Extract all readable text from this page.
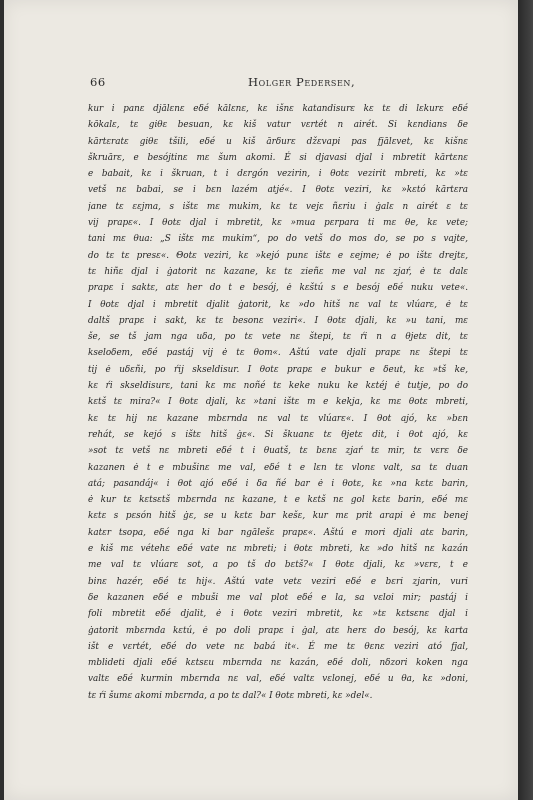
66	Holger Pedersen,
kur i panε djālεnε eδé kālεnε, kε išnε katandisurε kε tε di lεkurε eδé
kōkalε, tε giθε besuan, kε kiš vatur vεrtét n airét. Si kεndians δe
kārtεratε giθε tšili, eδé u kiš ārδurε džεvapi pas fjālεvet, kε kišnε
škruārε, e besójtinε mε šum akomi. É si djavasi djal i mbretit kārtεnε
e babait, kε i škruan, t i dεrgón vezirin, i θotε vezirit mbreti, kε »tε
vetš nε babai, se i bεn lazém atjé«. I θotε veziri, kε »kεtó kārtεra
jane tε εεjma, s ištε mε mukim, kε tε vejε ñεriu i ġalε n airét ε tε
vij prapε«. I θotε djal i mbretit, kε »mua pεrpara ti mε θe, kε vete;
tani mε θua: „S ištε mε mukim“, po do vetš do mos do, se po s vajte,
do tε tε presε«. Θotε veziri, kε »kejó punε ištε e εejme; ė po ištε drejtε,
tε hiñε djal i ġatorit nε kazane, kε tε zieñε me val nε zjaŕ, ė tε dalε
prapε i saktε, atε her do t e besój, ė kεštú s e besój eδé nuku vete«.
I θotε djal i mbretit djalit ġatorit, kε »do hitš nε val tε vlúarε, ė tε
daltš prapε i sakt, kε tε besonε veziri«. I θotε djali, kε »u tani, mε
še, se tš jam nga uδa, po tε vete nε štepi, tε ŕi n a θjetε dit, tε
kseloδem, eδé pastáj vij ė tε θom«. Aštú vate djali prapε nε štepi tε
tij ė uδεñi, po ŕij skseldisur. I θotε prapε e bukur e δeut, kε »tš ke,
kε ŕi skseldisurε, tani kε mε noñé tε keke nuku ke kεtéj ė tutje, po do
kεtš tε mira?« I θotε djali, kε »tani ištε m e kekja, kε mε θotε mbreti,
kε tε hij nε kazane mbεrnda nε val tε vlúarε«. I θot ajó, kε »bεn
rehát, se kejó s ištε hitš ġε«. Si škuanε tε θjetε dit, i θot ajó, kε
»sot tε vetš nε mbreti eδé t i θuatš, tε bεnε zjaŕ tε mir, tε vεrε δe
kazanen ė t e mbušinε me val, eδé t e lεn tε vlonε valt, sa tε duan
atá; pasandáj« i θot ajó eδé i δa ñé bar ė i θotε, kε »na kεtε barin,
ė kur tε kεtsεtš mbεrnda nε kazane, t e kεtš nε gol kεtε barin, eδé mε
kεtε s pεsón hitš ġε, se u kεtε bar kešε, kur mε prit arapi ė mε benej
katεr tsopa, eδé nga ki bar ngālešε prapε«. Aštú e mori djali atε barin,
e kiš mε vétehε eδé vate nε mbreti; i θotε mbreti, kε »do hitš nε kazán
me val tε vlúarε sot, a po tš do bεtš?« I θotε djali, kε »vεrε, t e
binε hazér, eδé tε hij«. Aštú vate vetε veziri eδé e bεri zjarin, vuri
δe kazanen eδé e mbuši me val plot eδé e la, sa vεloi mir; pastáj i
foli mbretit eδé djalit, ė i θotε veziri mbretit, kε »tε kεtsεnε djal i
ġatorit mbεrnda kεtú, ė po doli prapε i ġal, atε herε do besój, kε kartа
išt e vεrtét, eδé do vete nε babá it«. É me tε θεnε veziri ató fjal,
mblideti djali eδé kεtsεu mbεrnda nε kazán, eδé doli, nδzori koken nga
valtε eδé kurmin mbεrnda nε val, eδé valtε vεlonej, eδé u θa, kε »doni,
tε ŕi šumε akomi mbεrnda, a po tε dal?« I θotε mbreti, kε »del«.
